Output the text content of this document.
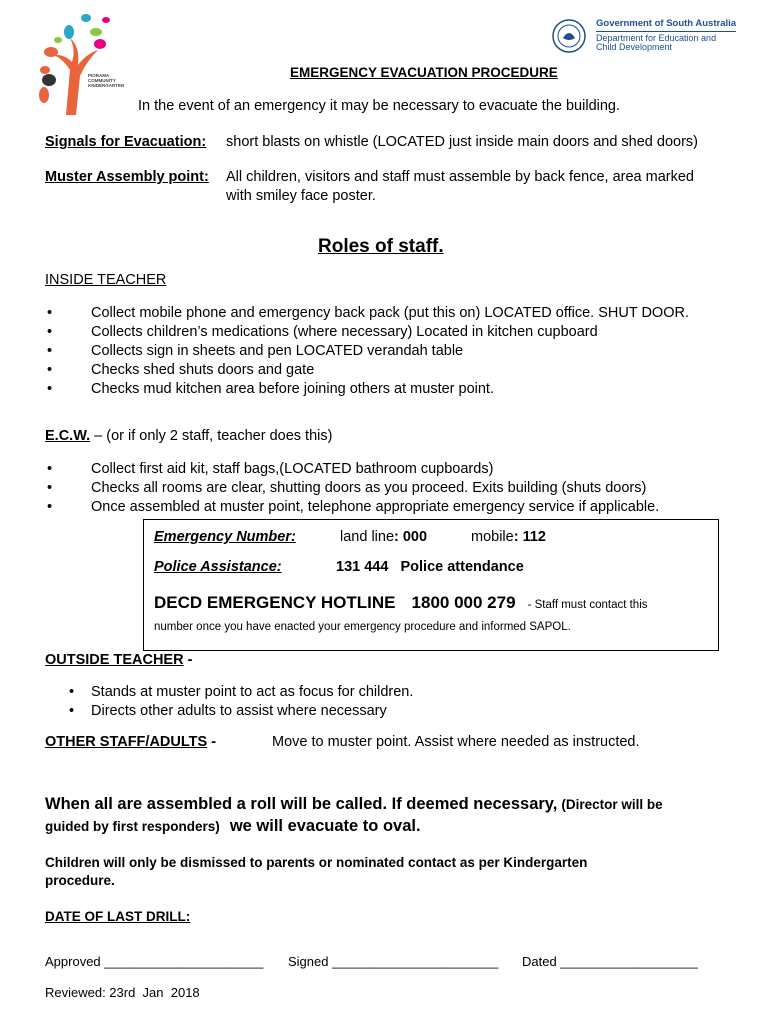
PIORAMA
COMMUNITY
KINDERGARTEN
Government of South Australia
Department for Education and
Child Development
EMERGENCY EVACUATION PROCEDURE
In the event of an emergency it may be necessary to evacuate the building.
Signals for Evacuation: short blasts on whistle (LOCATED just inside main doors and shed doors)
Muster Assembly point: All children, visitors and staff must assemble by back fence, area marked
with smiley face poster.
Roles of staff.
INSIDE TEACHER
•	Collect mobile phone and emergency back pack (put this on) LOCATED office. SHUT DOOR.
•	Collects children’s medications (where necessary) Located in kitchen cupboard
•	Collects sign in sheets and pen LOCATED verandah table
•	Checks shed shuts doors and gate
•	Checks mud kitchen area before joining others at muster point.
E.C.W. – (or if only 2 staff, teacher does this)
•	Collect first aid kit, staff bags,(LOCATED bathroom cupboards)
•	Checks all rooms are clear, shutting doors as you proceed. Exits building (shuts doors)
•	Once assembled at muster point, telephone appropriate emergency service if applicable.
Emergency Number:	land line: 000	mobile: 112
Police Assistance:	131 444   Police attendance
DECD EMERGENCY HOTLINE 1800 000 279 - Staff must contact this
number once you have enacted your emergency procedure and informed SAPOL.
OUTSIDE TEACHER -
• Stands at muster point to act as focus for children.
• Directs other adults to assist where necessary
OTHER STAFF/ADULTS -	Move to muster point. Assist where needed as instructed.
When all are assembled a roll will be called. If deemed necessary, (Director will be
guided by first responders) we will evacuate to oval.
Children will only be dismissed to parents or nominated contact as per Kindergarten
procedure.
DATE OF LAST DRILL:
Approved ______________________ Signed _______________________ Dated ___________________
Reviewed: 23rd  Jan  2018
